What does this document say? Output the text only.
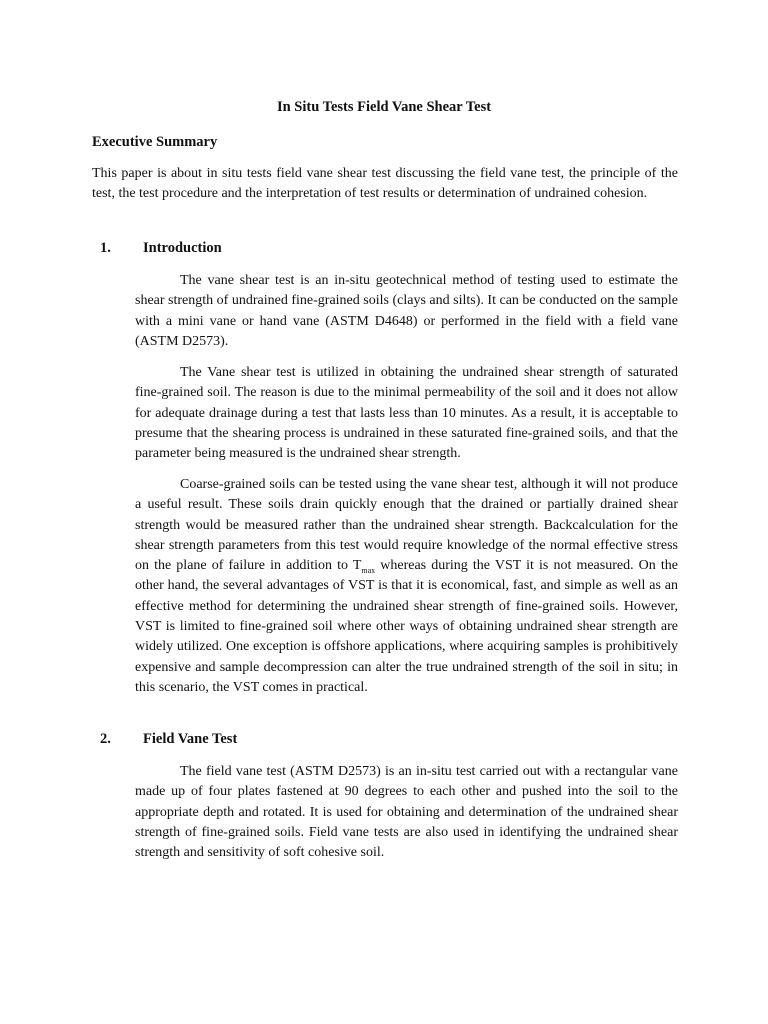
In Situ Tests Field Vane Shear Test
Executive Summary

This paper is about in situ tests field vane shear test discussing the field vane test, the principle of the test, the test procedure and the interpretation of test results or determination of undrained cohesion.

1.	Introduction

The vane shear test is an in-situ geotechnical method of testing used to estimate the shear strength of undrained fine-grained soils (clays and silts). It can be conducted on the sample with a mini vane or hand vane (ASTM D4648) or performed in the field with a field vane (ASTM D2573).

The Vane shear test is utilized in obtaining the undrained shear strength of saturated fine-grained soil. The reason is due to the minimal permeability of the soil and it does not allow for adequate drainage during a test that lasts less than 10 minutes. As a result, it is acceptable to presume that the shearing process is undrained in these saturated fine-grained soils, and that the parameter being measured is the undrained shear strength.

Coarse-grained soils can be tested using the vane shear test, although it will not produce a useful result. These soils drain quickly enough that the drained or partially drained shear strength would be measured rather than the undrained shear strength. Backcalculation for the shear strength parameters from this test would require knowledge of the normal effective stress on the plane of failure in addition to $T_{max}$ whereas during the VST it is not measured. On the other hand, the several advantages of VST is that it is economical, fast, and simple as well as an effective method for determining the undrained shear strength of fine-grained soils. However, VST is limited to fine-grained soil where other ways of obtaining undrained shear strength are widely utilized. One exception is offshore applications, where acquiring samples is prohibitively expensive and sample decompression can alter the true undrained strength of the soil in situ; in this scenario, the VST comes in practical.

2.	Field Vane Test

The field vane test (ASTM D2573) is an in-situ test carried out with a rectangular vane made up of four plates fastened at 90 degrees to each other and pushed into the soil to the appropriate depth and rotated. It is used for obtaining and determination of the undrained shear strength of fine-grained soils. Field vane tests are also used in identifying the undrained shear strength and sensitivity of soft cohesive soil.
